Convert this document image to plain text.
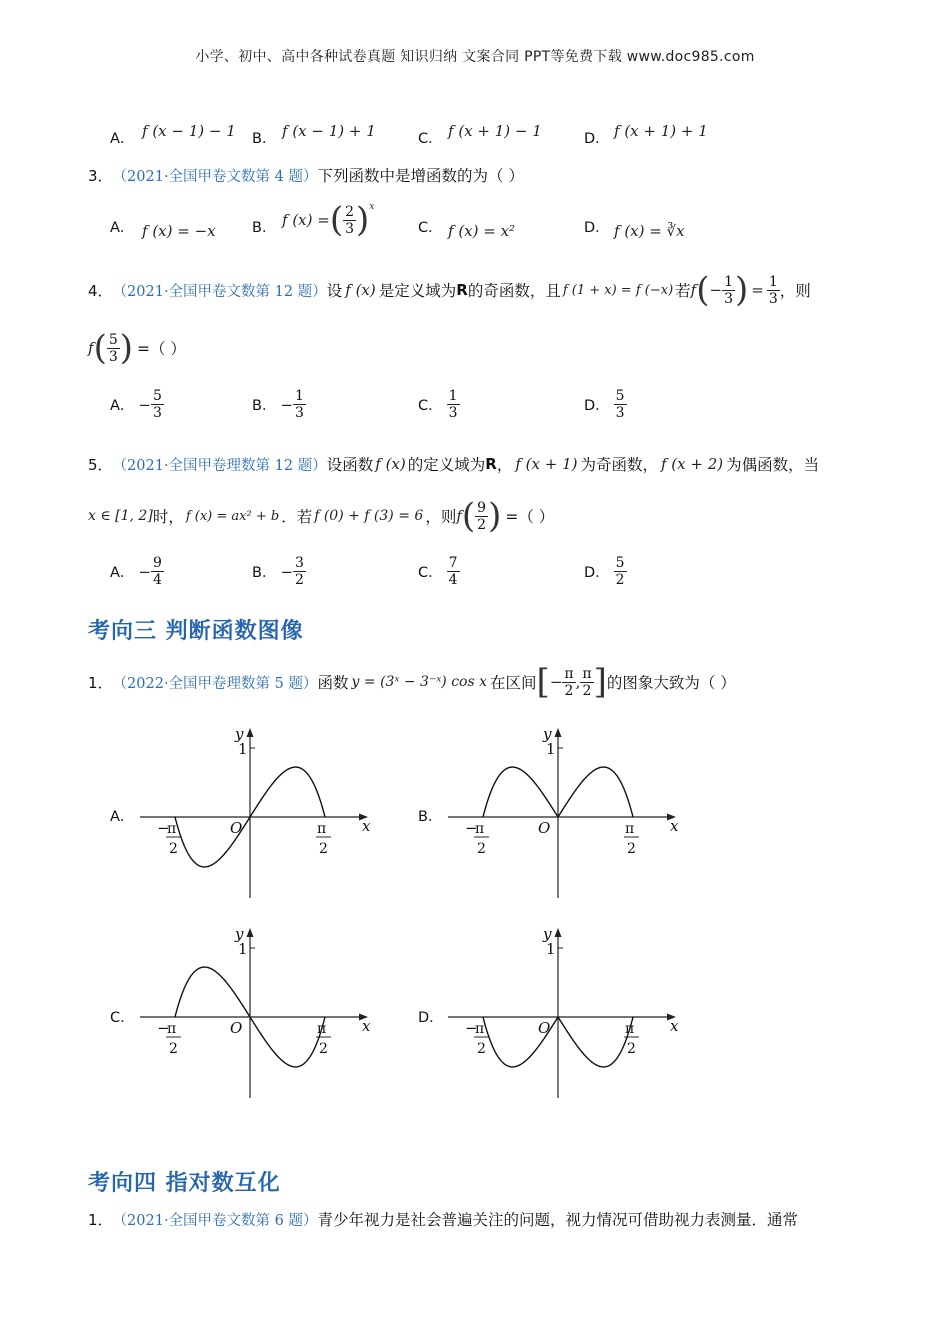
小学、初中、高中各种试卷真题 知识归纳 文案合同 PPT等免费下载 www.doc985.com
A． f (x − 1) − 1 B． f (x − 1) + 1	C． f (x + 1) − 1	D． f (x + 1) + 1
3． （2021·全国甲卷文数第 4 题） 下列函数中是增函数的为（ ）
A． f (x) = −x	B． f (x) = ( $\frac{2}{3}$ ) x
C． f (x) = x²	D． f (x) = ∛x
4． （2021·全国甲卷文数第 12 题） 设 f (x) 是定义域为 R 的奇函数，且 f (1 + x) = f (−x) 若 f ( − $\frac{1}{3}$ ) = $\frac{1}{3}$ ，则
f ( $\frac{5}{3}$ ) =（ ）
A． − $\frac{5}{3}$	B． − $\frac{1}{3}$	C． $\frac{1}{3}$	D． $\frac{5}{3}$
5． （2021·全国甲卷理数第 12 题） 设函数 f (x) 的定义域为 R ， f (x + 1) 为奇函数， f (x + 2) 为偶函数，当
x ∈ [1, 2] 时， f (x) = ax² + b ．若 f (0) + f (3) = 6 ，则 f ( $\frac{9}{2}$ ) =（ ）
A． − $\frac{9}{4}$	B． − $\frac{3}{2}$	C． $\frac{7}{4}$	D． $\frac{5}{2}$
考向三 判断函数图像
1． （2022·全国甲卷理数第 5 题） 函数 y = (3ˣ − 3⁻ˣ) cos x 在区间 [ − $\frac{\pi}{2}$ , $\frac{\pi}{2}$ ] 的图象大致为（ ）
A．	B．
C．	D．
y
x
O
1
−
π
2
π
2
y
x
O
1
−
π
2
π
2
y
x
O
1
−
π
2
π
2
y
x
O
1
−
π
2
π
2
考向四 指对数互化
1． （2021·全国甲卷文数第 6 题） 青少年视力是社会普遍关注的问题，视力情况可借助视力表测量．通常
